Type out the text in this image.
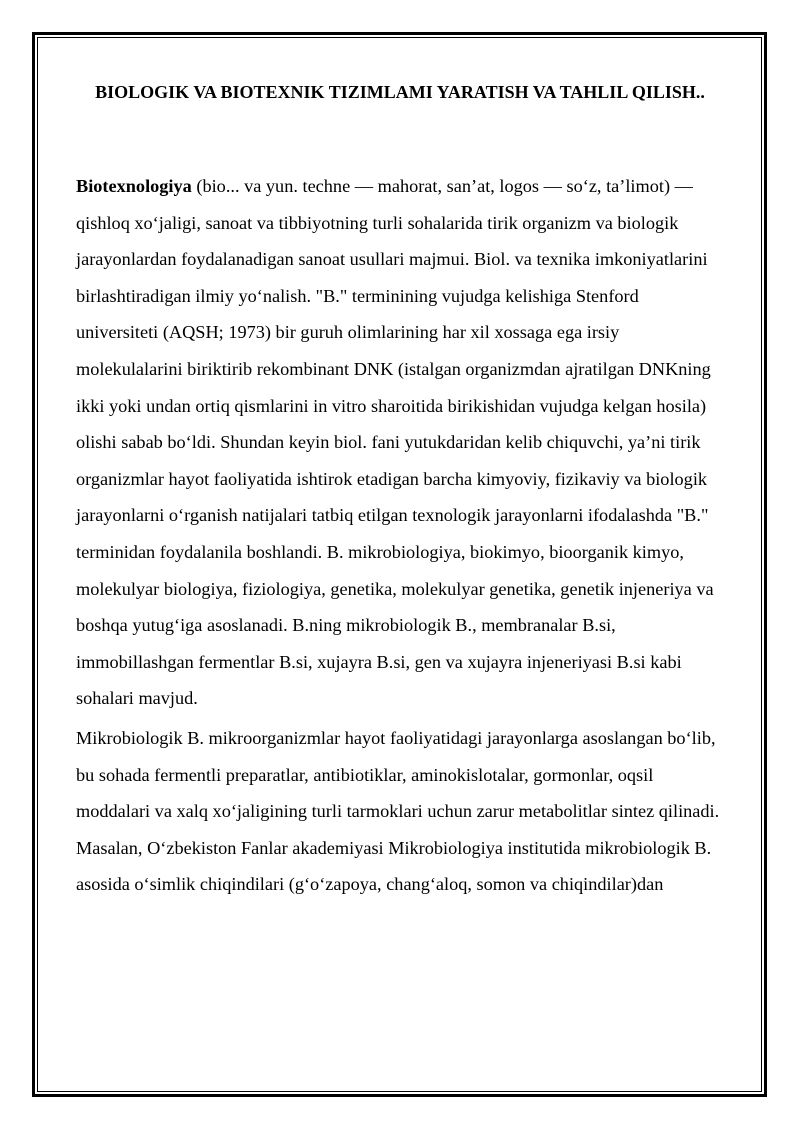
BIOLOGIK VA BIOTEXNIK TIZIMLAMI YARATISH VA TAHLIL QILISH..

Biotexnologiya (bio... va yun. techne — mahorat, san’at, logos — so‘z, ta’limot) — qishloq xo‘jaligi, sanoat va tibbiyotning turli sohalarida tirik organizm va biologik jarayonlardan foydalanadigan sanoat usullari majmui. Biol. va texnika imkoniyatlarini birlashtiradigan ilmiy yo‘nalish. "B." terminining vujudga kelishiga Stenford universiteti (AQSH; 1973) bir guruh olimlarining har xil xossaga ega irsiy molekulalarini biriktirib rekombinant DNK (istalgan organizmdan ajratilgan DNKning ikki yoki undan ortiq qismlarini in vitro sharoitida birikishidan vujudga kelgan hosila) olishi sabab bo‘ldi. Shundan keyin biol. fani yutukdaridan kelib chiquvchi, ya’ni tirik organizmlar hayot faoliyatida ishtirok etadigan barcha kimyoviy, fizikaviy va biologik jarayonlarni o‘rganish natijalari tatbiq etilgan texnologik jarayonlarni ifodalashda "B." terminidan foydalanila boshlandi. B. mikrobiologiya, biokimyo, bioorganik kimyo, molekulyar biologiya, fiziologiya, genetika, molekulyar genetika, genetik injeneriya va boshqa yutug‘iga asoslanadi. B.ning mikrobiologik B., membranalar B.si, immobillashgan fermentlar B.si, xujayra B.si, gen va xujayra injeneriyasi B.si kabi sohalari mavjud.

Mikrobiologik B. mikroorganizmlar hayot faoliyatidagi jarayonlarga asoslangan bo‘lib, bu sohada fermentli preparatlar, antibiotiklar, aminokislotalar, gormonlar, oqsil moddalari va xalq xo‘jaligining turli tarmoklari uchun zarur metabolitlar sintez qilinadi. Masalan, O‘zbekiston Fanlar akademiyasi Mikrobiologiya institutida mikrobiologik B. asosida o‘simlik chiqindilari (g‘o‘zapoya, chang‘aloq, somon va chiqindilar)dan
